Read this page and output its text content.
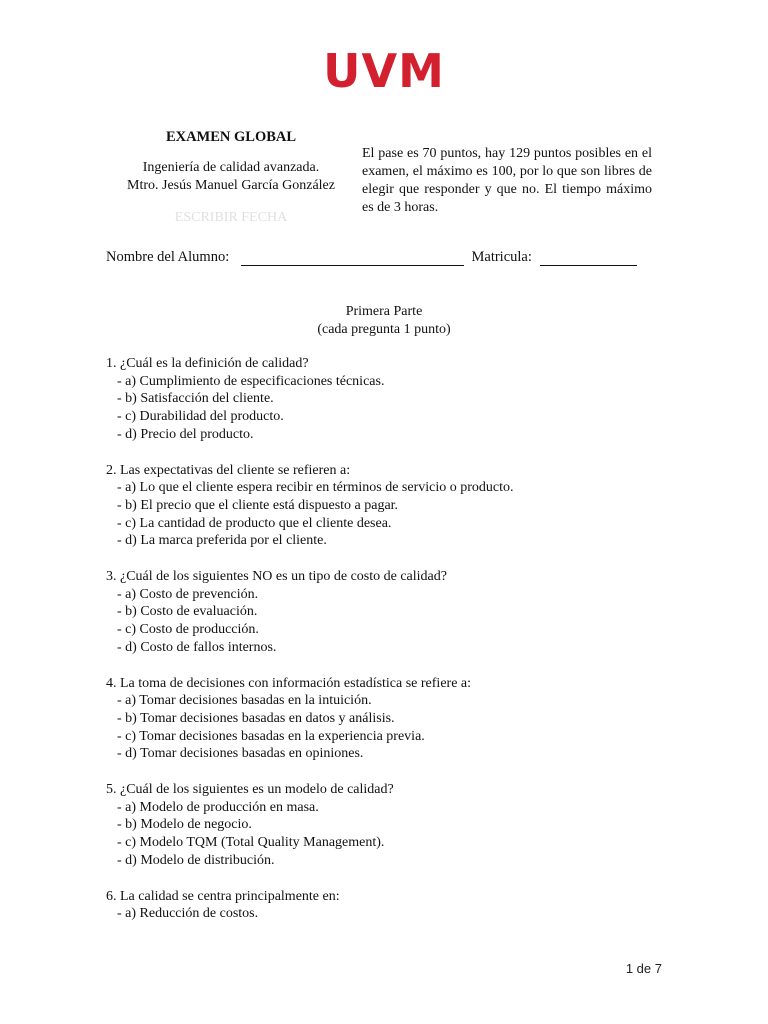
UVM
EXAMEN GLOBAL
Ingeniería de calidad avanzada.
Mtro. Jesús Manuel García González
ESCRIBIR FECHA
El pase es 70 puntos, hay 129 puntos posibles en el examen, el máximo es 100, por lo que son libres de elegir que responder y que no. El tiempo máximo es de 3 horas.
Nombre del Alumno:	Matricula:
Primera Parte
(cada pregunta 1 punto)
1. ¿Cuál es la definición de calidad?
- a) Cumplimiento de especificaciones técnicas.
- b) Satisfacción del cliente.
- c) Durabilidad del producto.
- d) Precio del producto.
2. Las expectativas del cliente se refieren a:
- a) Lo que el cliente espera recibir en términos de servicio o producto.
- b) El precio que el cliente está dispuesto a pagar.
- c) La cantidad de producto que el cliente desea.
- d) La marca preferida por el cliente.
3. ¿Cuál de los siguientes NO es un tipo de costo de calidad?
- a) Costo de prevención.
- b) Costo de evaluación.
- c) Costo de producción.
- d) Costo de fallos internos.
4. La toma de decisiones con información estadística se refiere a:
- a) Tomar decisiones basadas en la intuición.
- b) Tomar decisiones basadas en datos y análisis.
- c) Tomar decisiones basadas en la experiencia previa.
- d) Tomar decisiones basadas en opiniones.
5. ¿Cuál de los siguientes es un modelo de calidad?
- a) Modelo de producción en masa.
- b) Modelo de negocio.
- c) Modelo TQM (Total Quality Management).
- d) Modelo de distribución.
6. La calidad se centra principalmente en:
- a) Reducción de costos.
1 de 7
